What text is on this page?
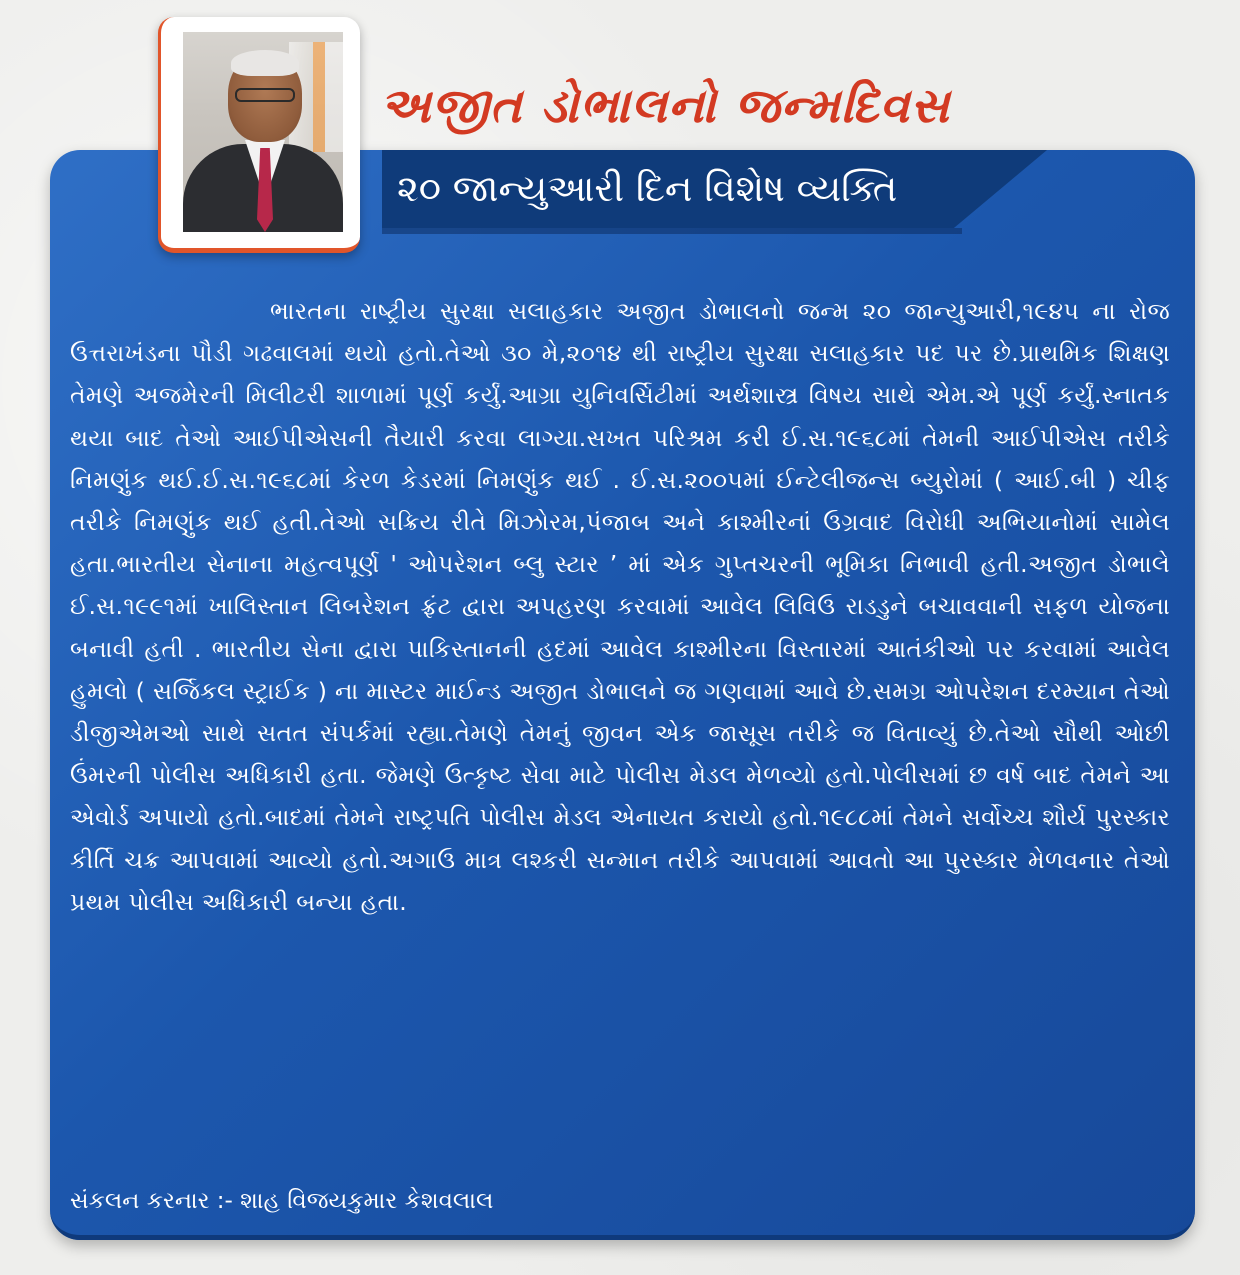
અજીત ડોભાલનો જન્મદિવસ
૨૦ જાન્યુઆરી દિન વિશેષ વ્યક્તિ
ભારતના રાષ્ટ્રીય સુરક્ષા સલાહકાર અજીત ડોભાલનો જન્મ ૨૦ જાન્યુઆરી,૧૯૪૫ ના રોજ ઉત્તરાખંડના પૌડી ગઢવાલમાં થયો હતો.તેઓ ૩૦ મે,૨૦૧૪ થી રાષ્ટ્રીય સુરક્ષા સલાહકાર પદ પર છે.પ્રાથમિક શિક્ષણ તેમણે અજમેરની મિલીટરી શાળામાં પૂર્ણ કર્યું.આગ્રા યુનિવર્સિટીમાં અર્થશાસ્ત્ર વિષય સાથે એમ.એ પૂર્ણ કર્યું.સ્નાતક થયા બાદ તેઓ આઈપીએસની તૈયારી કરવા લાગ્યા.સખત પરિશ્રમ કરી ઈ.સ.૧૯૬૮માં તેમની આઈપીએસ તરીકે નિમણુંક થઈ.ઈ.સ.૧૯૬૮માં કેરળ કેડરમાં નિમણુંક થઈ . ઈ.સ.૨૦૦૫માં ઈન્ટેલીજન્સ બ્યુરોમાં ( આઈ.બી ) ચીફ તરીકે નિમણુંક થઈ હતી.તેઓ સક્રિય રીતે મિઝોરમ,પંજાબ અને કાશ્મીરનાં ઉગ્રવાદ વિરોધી અભિયાનોમાં સામેલ હતા.ભારતીય સેનાના મહત્વપૂર્ણ ' ઓપરેશન બ્લુ સ્ટાર ’ માં એક ગુપ્તચરની ભૂમિકા નિભાવી હતી.અજીત ડોભાલે ઈ.સ.૧૯૯૧માં ખાલિસ્તાન લિબરેશન ફ્રંટ દ્વારા અપહરણ કરવામાં આવેલ લિવિઉ રાડડુને બચાવવાની સફળ યોજના બનાવી હતી . ભારતીય સેના દ્વારા પાકિસ્તાનની હદમાં આવેલ કાશ્મીરના વિસ્તારમાં આતંકીઓ પર કરવામાં આવેલ હુમલો ( સર્જિકલ સ્ટ્રાઈક ) ના માસ્ટર માઈન્ડ અજીત ડોભાલને જ ગણવામાં આવે છે.સમગ્ર ઓપરેશન દરમ્યાન તેઓ ડીજીએમઓ સાથે સતત સંપર્કમાં રહ્યા.તેમણે તેમનું જીવન એક જાસૂસ તરીકે જ વિતાવ્યું છે.તેઓ સૌથી ઓછી ઉંમરની પોલીસ અધિકારી હતા. જેમણે ઉત્કૃષ્ટ સેવા માટે પોલીસ મેડલ મેળવ્યો હતો.પોલીસમાં છ વર્ષ બાદ તેમને આ એવોર્ડ અપાયો હતો.બાદમાં તેમને રાષ્ટ્રપતિ પોલીસ મેડલ એનાયત કરાયો હતો.૧૯૮૮માં તેમને સર્વોચ્ચ શૌર્ય પુરસ્કાર કીર્તિ ચક્ર આપવામાં આવ્યો હતો.અગાઉ માત્ર લશ્કરી સન્માન તરીકે આપવામાં આવતો આ પુરસ્કાર મેળવનાર તેઓ પ્રથમ પોલીસ અધિકારી બન્યા હતા.
સંકલન કરનાર :- શાહ વિજયકુમાર કેશવલાલ
